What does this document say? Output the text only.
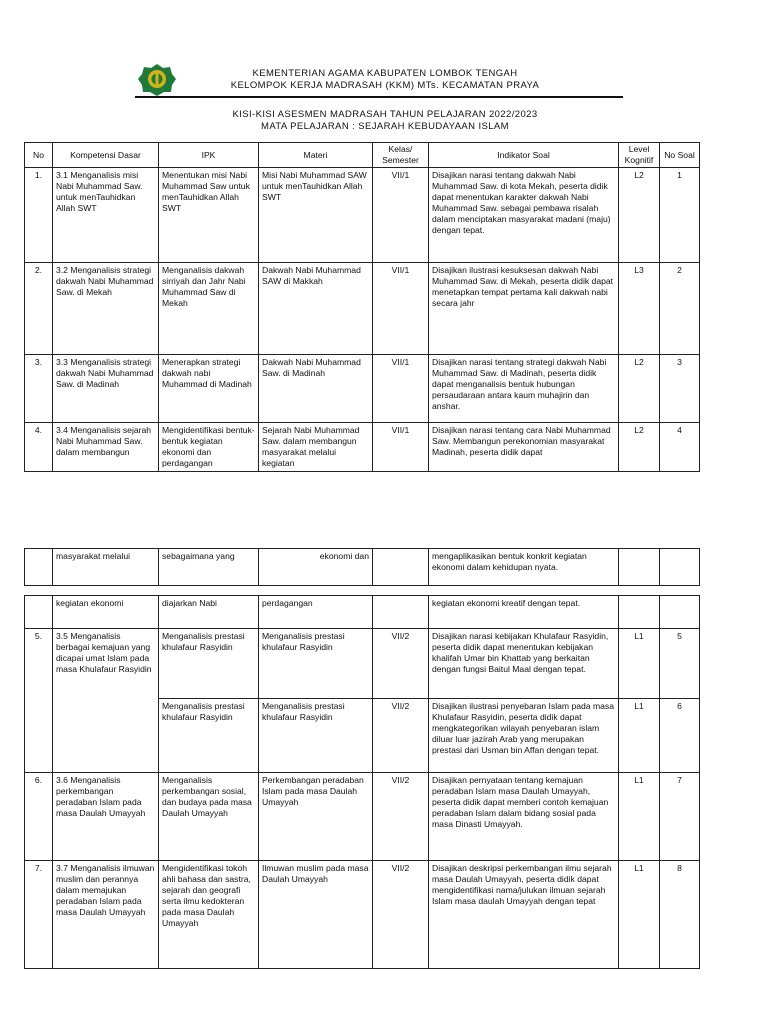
KEMENTERIAN AGAMA KABUPATEN LOMBOK TENGAH
KELOMPOK KERJA MADRASAH (KKM) MTs. KECAMATAN PRAYA
KISI-KISI ASESMEN MADRASAH TAHUN PELAJARAN 2022/2023
MATA PELAJARAN : SEJARAH KEBUDAYAAN ISLAM
No	Kompetensi Dasar	IPK	Materi	Kelas/ Semester	Indikator Soal	Level Kognitif	No Soal
1.	3.1 Menganalisis misi Nabi Muhammad Saw. untuk menTauhidkan Allah SWT	Menentukan misi Nabi Muhammad Saw untuk menTauhidkan Allah SWT	Misi Nabi Muhammad SAW untuk menTauhidkan Allah SWT	VII/1	Disajikan narasi tentang dakwah Nabi Muhammad Saw. di kota Mekah, peserta didik dapat menentukan karakter dakwah Nabi Muhammad Saw. sebagai pembawa risalah dalam menciptakan masyarakat madani (maju) dengan tepat.	L2	1
2.	3.2 Menganalisis strategi dakwah Nabi Muhammad Saw. di Mekah	Menganalisis dakwah sirriyah dan Jahr Nabi Muhammad Saw di Mekah	Dakwah Nabi Muhammad SAW di Makkah	VII/1	Disajikan ilustrasi kesuksesan dakwah Nabi Muhammad Saw. di Mekah, peserta didik dapat menetapkan tempat pertama kali dakwah nabi secara jahr	L3	2
3.	3.3 Menganalisis strategi dakwah Nabi Muhammad Saw. di Madinah	Menerapkan strategi dakwah nabi Muhammad di Madinah	Dakwah Nabi Muhammad Saw. di Madinah	VII/1	Disajikan narasi tentang strategi dakwah Nabi Muhammad Saw. di Madinah, peserta didik dapat menganalisis bentuk hubungan persaudaraan antara kaum muhajirin dan anshar.	L2	3
4.	3.4 Menganalisis sejarah Nabi Muhammad Saw. dalam membangun	Mengidentifikasi bentuk-bentuk kegiatan ekonomi dan perdagangan	Sejarah Nabi Muhammad Saw. dalam membangun masyarakat melalui kegiatan	VII/1	Disajikan narasi tentang cara Nabi Muhammad Saw. Membangun perekonomian masyarakat Madinah, peserta didik dapat	L2	4
	masyarakat melalui	sebagaimana yang	ekonomi dan		mengaplikasikan bentuk konkrit kegiatan ekonomi dalam kehidupan nyata.		
	kegiatan ekonomi	diajarkan Nabi	perdagangan		kegiatan ekonomi kreatif dengan tepat.		
5.	3.5 Menganalisis berbagai kemajuan yang dicapai umat Islam pada masa Khulafaur Rasyidin	Menganalisis prestasi khulafaur Rasyidin	Menganalisis prestasi khulafaur Rasyidin	VII/2	Disajikan narasi kebijakan Khulafaur Rasyidin, peserta didik dapat menentukan kebijakan khalifah Umar bin Khattab yang berkaitan dengan fungsi Baitul Maal dengan tepat.	L1	5
		Menganalisis prestasi khulafaur Rasyidin	Menganalisis prestasi khulafaur Rasyidin	VII/2	Disajikan ilustrasi penyebaran Islam pada masa Khulafaur Rasyidin, peserta didik dapat mengkategorikan wilayah penyebaran islam diluar luar jazirah Arab yang merupakan prestasi dari Usman bin Affan dengan tepat.	L1	6
6.	3.6 Menganalisis perkembangan peradaban Islam pada masa Daulah Umayyah	Menganalisis perkembangan sosial, dan budaya pada masa Daulah Umayyah	Perkembangan peradaban Islam pada masa Daulah Umayyah	VII/2	Disajikan pernyataan tentang kemajuan peradaban Islam masa Daulah Umayyah, peserta didik dapat memberi contoh kemajuan peradaban Islam dalam bidang sosial pada masa Dinasti Umayyah.	L1	7
7.	3.7 Menganalisis ilmuwan muslim dan perannya dalam memajukan peradaban Islam pada masa Daulah Umayyah	Mengidentifikasi tokoh ahli bahasa dan sastra, sejarah dan geografi serta ilmu kedokteran pada masa Daulah Umayyah	Ilmuwan muslim pada masa Daulah Umayyah	VII/2	Disajikan deskripsi perkembangan ilmu sejarah masa Daulah Umayyah, peserta didik dapat mengidentifikasi nama/julukan ilmuan sejarah Islam masa daulah Umayyah dengan tepat	L1	8
